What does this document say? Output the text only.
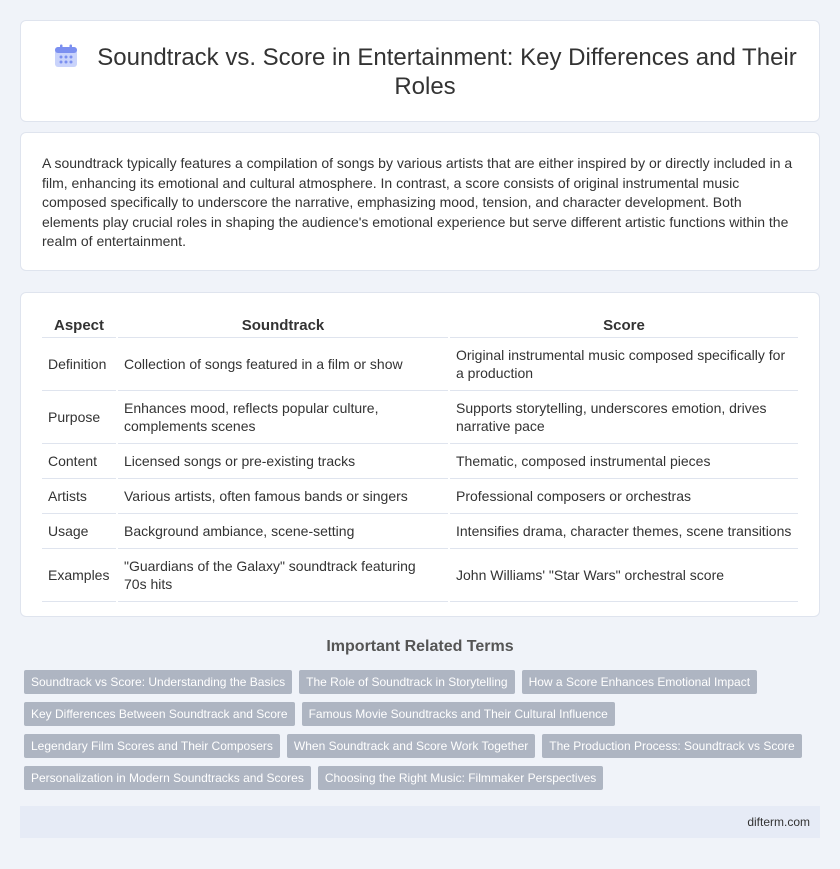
Soundtrack vs. Score in Entertainment: Key Differences and Their Roles

A soundtrack typically features a compilation of songs by various artists that are either inspired by or directly included in a film, enhancing its emotional and cultural atmosphere. In contrast, a score consists of original instrumental music composed specifically to underscore the narrative, emphasizing mood, tension, and character development. Both elements play crucial roles in shaping the audience's emotional experience but serve different artistic functions within the realm of entertainment.

Aspect	Soundtrack	Score
Definition	Collection of songs featured in a film or show	Original instrumental music composed specifically for a production
Purpose	Enhances mood, reflects popular culture, complements scenes	Supports storytelling, underscores emotion, drives narrative pace
Content	Licensed songs or pre-existing tracks	Thematic, composed instrumental pieces
Artists	Various artists, often famous bands or singers	Professional composers or orchestras
Usage	Background ambiance, scene-setting	Intensifies drama, character themes, scene transitions
Examples	"Guardians of the Galaxy" soundtrack featuring 70s hits	John Williams' "Star Wars" orchestral score
Important Related Terms
Soundtrack vs Score: Understanding the Basics	The Role of Soundtrack in Storytelling	How a Score Enhances Emotional Impact
Key Differences Between Soundtrack and Score	Famous Movie Soundtracks and Their Cultural Influence
Legendary Film Scores and Their Composers	When Soundtrack and Score Work Together	The Production Process: Soundtrack vs Score
Personalization in Modern Soundtracks and Scores	Choosing the Right Music: Filmmaker Perspectives
difterm.com
